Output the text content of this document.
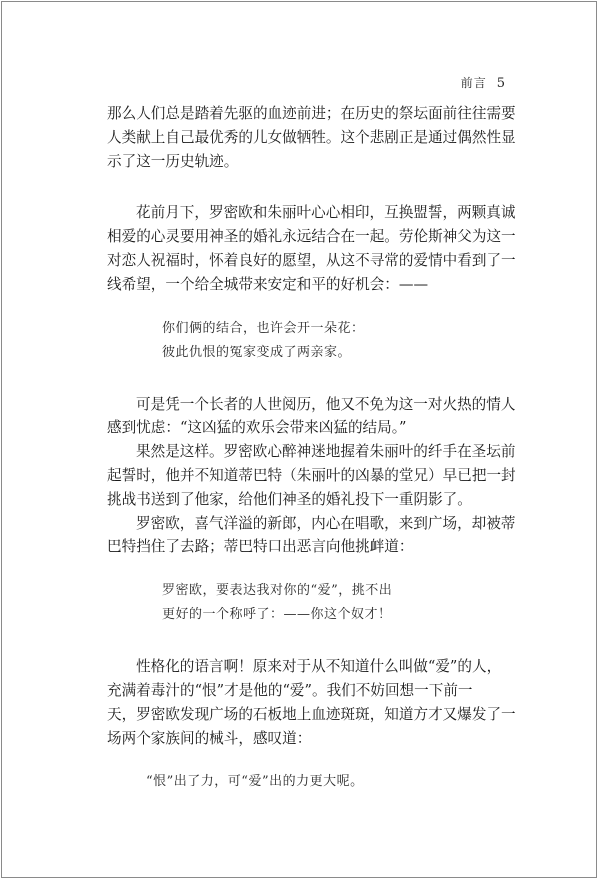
前言 5

那么人们总是踏着先驱的血迹前进；在历史的祭坛面前往往需要
人类献上自己最优秀的儿女做牺牲。这个悲剧正是通过偶然性显
示了这一历史轨迹。

花前月下，罗密欧和朱丽叶心心相印，互换盟誓，两颗真诚
相爱的心灵要用神圣的婚礼永远结合在一起。劳伦斯神父为这一
对恋人祝福时，怀着良好的愿望，从这不寻常的爱情中看到了一
线希望，一个给全城带来安定和平的好机会：——

你们俩的结合，也许会开一朵花：
彼此仇恨的冤家变成了两亲家。

可是凭一个长者的人世阅历，他又不免为这一对火热的情人
感到忧虑：“这凶猛的欢乐会带来凶猛的结局。”

果然是这样。罗密欧心醉神迷地握着朱丽叶的纤手在圣坛前
起誓时，他并不知道蒂巴特（朱丽叶的凶暴的堂兄）早已把一封
挑战书送到了他家，给他们神圣的婚礼投下一重阴影了。

罗密欧，喜气洋溢的新郎，内心在唱歌，来到广场，却被蒂
巴特挡住了去路；蒂巴特口出恶言向他挑衅道：

罗密欧，要表达我对你的“爱”，挑不出
更好的一个称呼了：——你这个奴才！

性格化的语言啊！原来对于从不知道什么叫做“爱”的人，
充满着毒汁的“恨”才是他的“爱”。我们不妨回想一下前一
天，罗密欧发现广场的石板地上血迹斑斑，知道方才又爆发了一
场两个家族间的械斗，感叹道：

“恨”出了力，可“爱”出的力更大呢。
